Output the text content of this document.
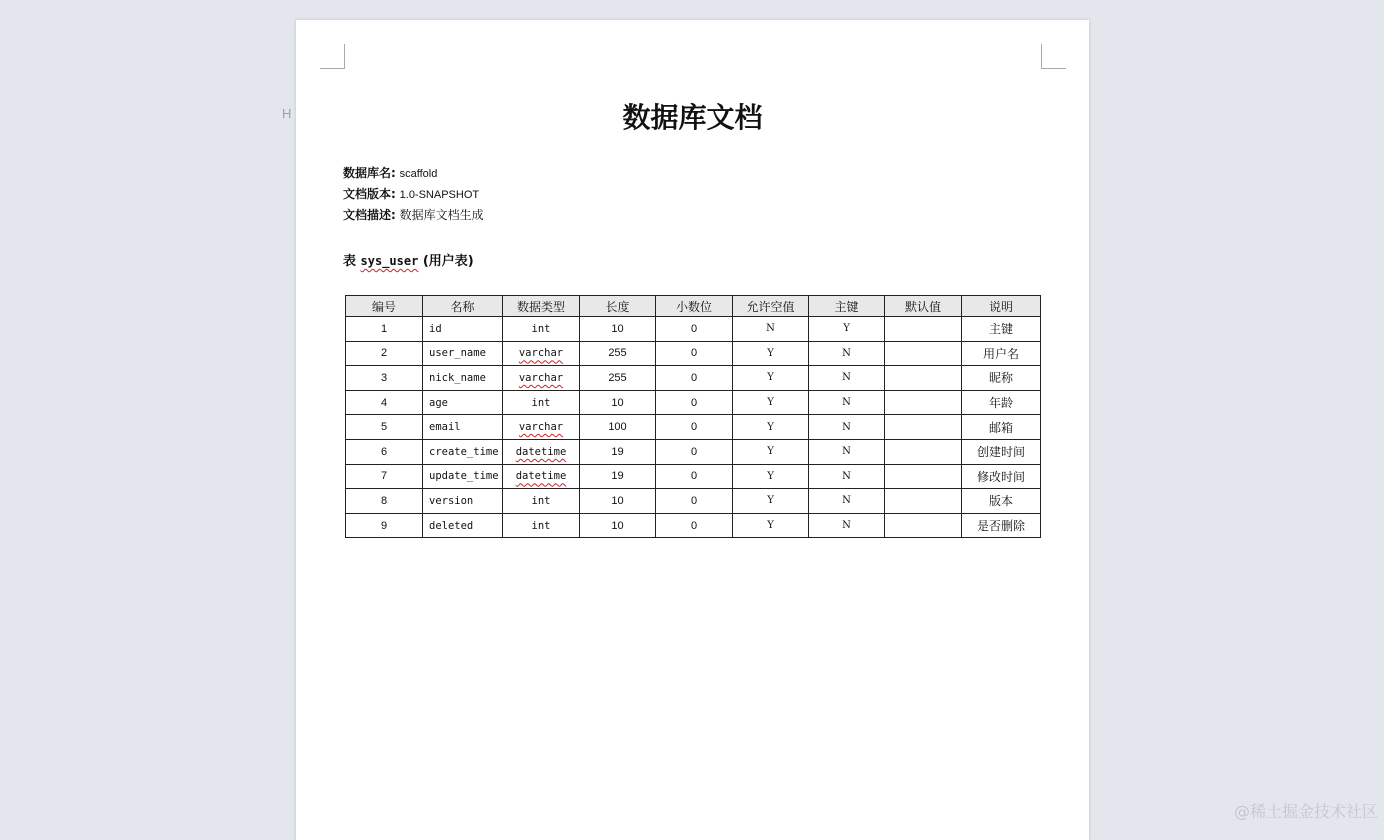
H	数据库文档
数据库名: scaffold
文档版本: 1.0-SNAPSHOT
文档描述: 数据库文档生成
表 sys_user (用户表)
编号	名称	数据类型	长度	小数位	允许空值	主键	默认值	说明
1	id	int	10	0	N	Y		主键
2	user_name	varchar	255	0	Y	N		用户名
3	nick_name	varchar	255	0	Y	N		昵称
4	age	int	10	0	Y	N		年龄
5	email	varchar	100	0	Y	N		邮箱
6	create_time	datetime	19	0	Y	N		创建时间
7	update_time	datetime	19	0	Y	N		修改时间
8	version	int	10	0	Y	N		版本
9	deleted	int	10	0	Y	N		是否删除
@稀土掘金技术社区
